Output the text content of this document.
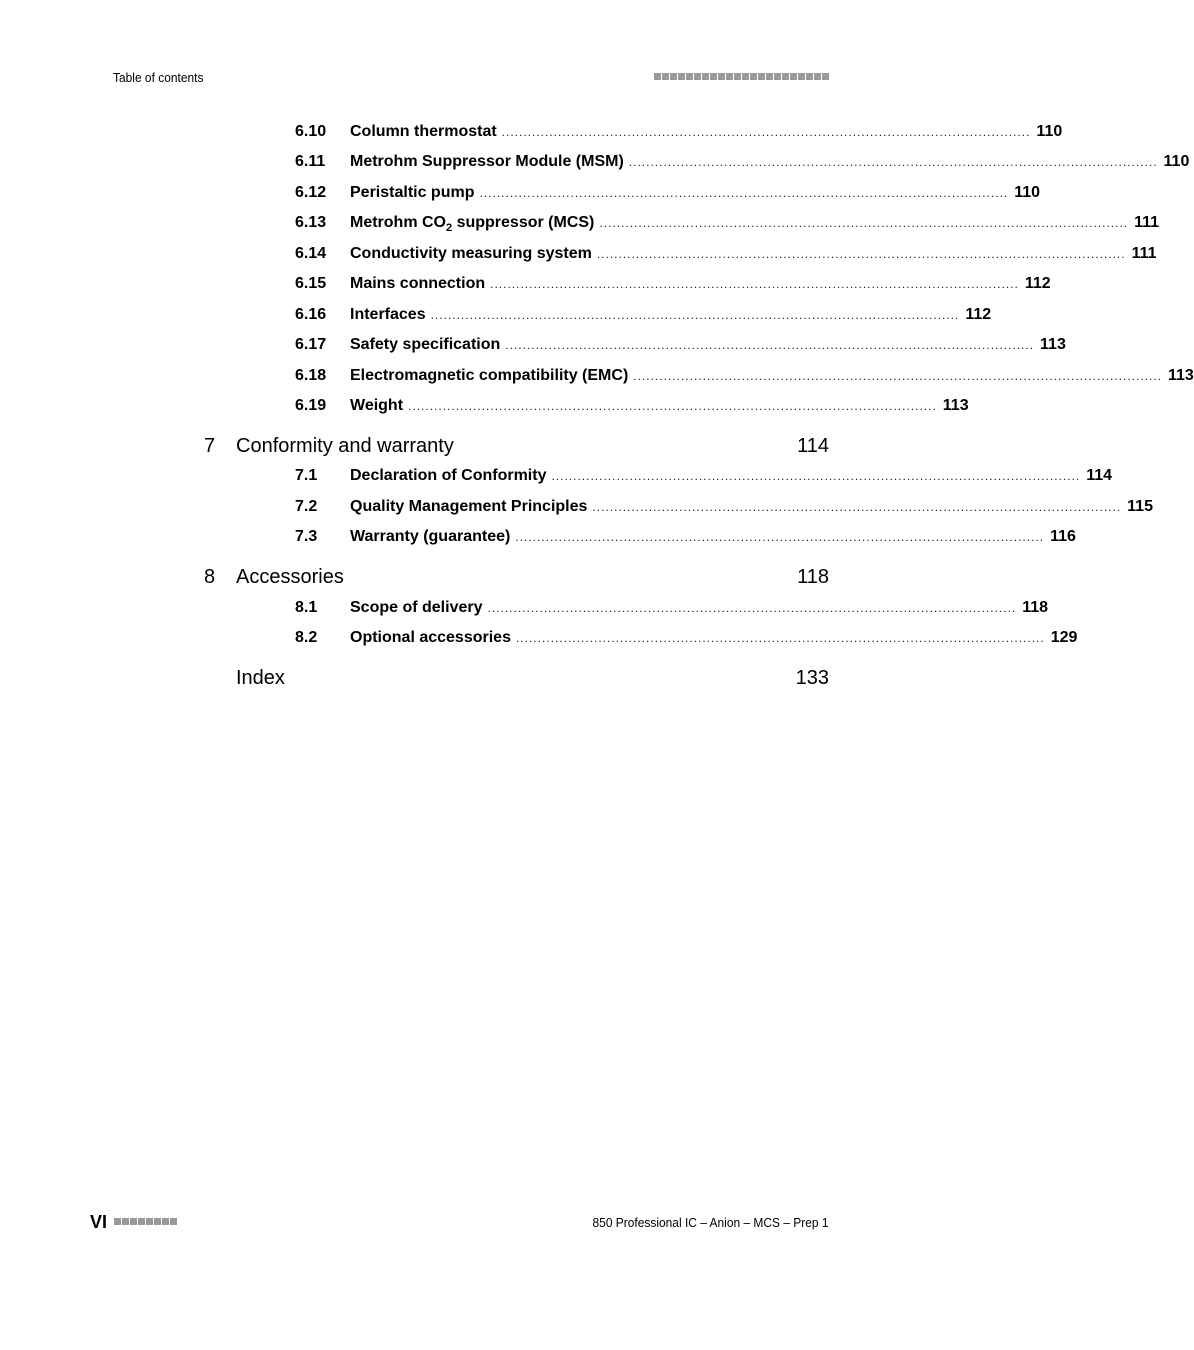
Table of contents
6.10	Column thermostat .......................................................................................................................... 110
6.11	Metrohm Suppressor Module (MSM) .......................................................................................................................... 110
6.12	Peristaltic pump .......................................................................................................................... 110
6.13	Metrohm $CO_2$ suppressor (MCS) .......................................................................................................................... 111
6.14	Conductivity measuring system .......................................................................................................................... 111
6.15	Mains connection .......................................................................................................................... 112
6.16	Interfaces .......................................................................................................................... 112
6.17	Safety specification .......................................................................................................................... 113
6.18	Electromagnetic compatibility (EMC) .......................................................................................................................... 113
6.19	Weight .......................................................................................................................... 113
7	Conformity and warranty	114
7.1	Declaration of Conformity .......................................................................................................................... 114
7.2	Quality Management Principles .......................................................................................................................... 115
7.3	Warranty (guarantee) .......................................................................................................................... 116
8	Accessories	118
8.1	Scope of delivery .......................................................................................................................... 118
8.2	Optional accessories .......................................................................................................................... 129
Index	133
VI	850 Professional IC – Anion – MCS – Prep 1
